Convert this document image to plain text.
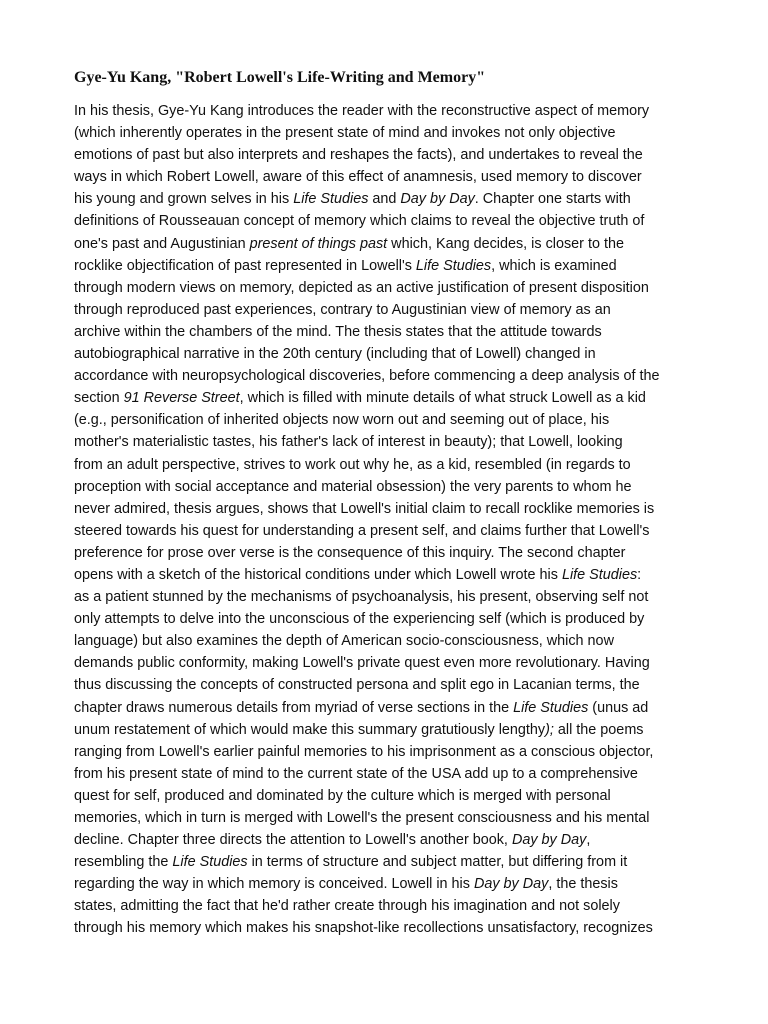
Gye-Yu Kang, "Robert Lowell's Life-Writing and Memory"
In his thesis, Gye-Yu Kang introduces the reader with the reconstructive aspect of memory
(which inherently operates in the present state of mind and invokes not only objective
emotions of past but also interprets and reshapes the facts), and undertakes to reveal the
ways in which Robert Lowell, aware of this effect of anamnesis, used memory to discover
his young and grown selves in his Life Studies and Day by Day. Chapter one starts with
definitions of Rousseauan concept of memory which claims to reveal the objective truth of
one's past and Augustinian present of things past which, Kang decides, is closer to the
rocklike objectification of past represented in Lowell's Life Studies, which is examined
through modern views on memory, depicted as an active justification of present disposition
through reproduced past experiences, contrary to Augustinian view of memory as an
archive within the chambers of the mind. The thesis states that the attitude towards
autobiographical narrative in the 20th century (including that of Lowell) changed in
accordance with neuropsychological discoveries, before commencing a deep analysis of the
section 91 Reverse Street, which is filled with minute details of what struck Lowell as a kid
(e.g., personification of inherited objects now worn out and seeming out of place, his
mother's materialistic tastes, his father's lack of interest in beauty); that Lowell, looking
from an adult perspective, strives to work out why he, as a kid, resembled (in regards to
proception with social acceptance and material obsession) the very parents to whom he
never admired, thesis argues, shows that Lowell's initial claim to recall rocklike memories is
steered towards his quest for understanding a present self, and claims further that Lowell's
preference for prose over verse is the consequence of this inquiry. The second chapter
opens with a sketch of the historical conditions under which Lowell wrote his Life Studies:
as a patient stunned by the mechanisms of psychoanalysis, his present, observing self not
only attempts to delve into the unconscious of the experiencing self (which is produced by
language) but also examines the depth of American socio-consciousness, which now
demands public conformity, making Lowell's private quest even more revolutionary. Having
thus discussing the concepts of constructed persona and split ego in Lacanian terms, the
chapter draws numerous details from myriad of verse sections in the Life Studies (unus ad
unum restatement of which would make this summary gratutiously lengthy); all the poems
ranging from Lowell's earlier painful memories to his imprisonment as a conscious objector,
from his present state of mind to the current state of the USA add up to a comprehensive
quest for self, produced and dominated by the culture which is merged with personal
memories, which in turn is merged with Lowell's the present consciousness and his mental
decline. Chapter three directs the attention to Lowell's another book, Day by Day,
resembling the Life Studies in terms of structure and subject matter, but differing from it
regarding the way in which memory is conceived. Lowell in his Day by Day, the thesis
states, admitting the fact that he'd rather create through his imagination and not solely
through his memory which makes his snapshot-like recollections unsatisfactory, recognizes
